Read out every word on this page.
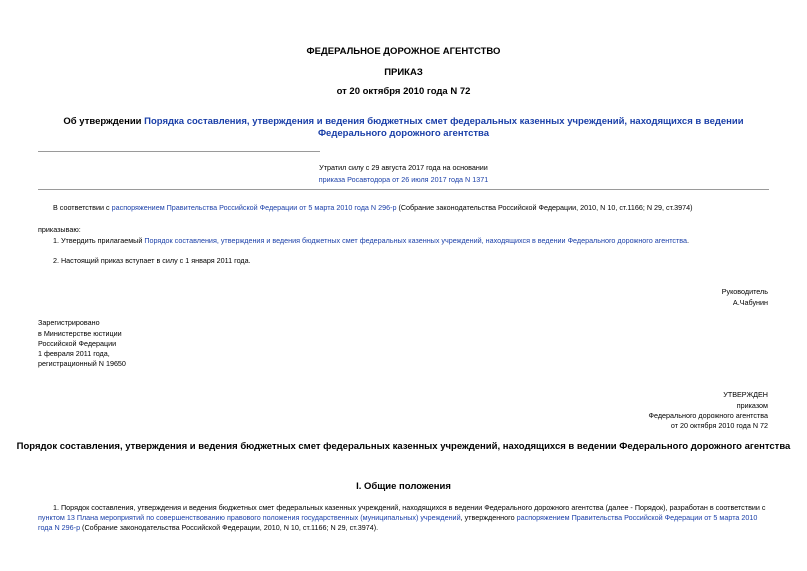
ФЕДЕРАЛЬНОЕ ДОРОЖНОЕ АГЕНТСТВО
ПРИКАЗ
от 20 октября 2010 года N 72
Об утверждении Порядка составления, утверждения и ведения бюджетных смет федеральных казенных учреждений, находящихся в ведении Федерального дорожного агентства
Утратил силу с 29 августа 2017 года на основании
приказа Росавтодора от 26 июля 2017 года N 1371
В соответствии с распоряжением Правительства Российской Федерации от 5 марта 2010 года N 296-р (Собрание законодательства Российской Федерации, 2010, N 10, ст.1166; N 29, ст.3974)
приказываю:
1. Утвердить прилагаемый Порядок составления, утверждения и ведения бюджетных смет федеральных казенных учреждений, находящихся в ведении Федерального дорожного агентства.
2. Настоящий приказ вступает в силу с 1 января 2011 года.
Руководитель
А.Чабунин
Зарегистрировано
в Министерстве юстиции
Российской Федерации
1 февраля 2011 года,
регистрационный N 19650
УТВЕРЖДЕН
приказом
Федерального дорожного агентства
от 20 октября 2010 года N 72
Порядок составления, утверждения и ведения бюджетных смет федеральных казенных учреждений, находящихся в ведении Федерального дорожного агентства
I. Общие положения
1. Порядок составления, утверждения и ведения бюджетных смет федеральных казенных учреждений, находящихся в ведении Федерального дорожного агентства (далее - Порядок), разработан в соответствии с
пунктом 13 Плана мероприятий по совершенствованию правового положения государственных (муниципальных) учреждений, утвержденного распоряжением Правительства Российской Федерации от 5 марта 2010
года N 296-р (Собрание законодательства Российской Федерации, 2010, N 10, ст.1166; N 29, ст.3974).
